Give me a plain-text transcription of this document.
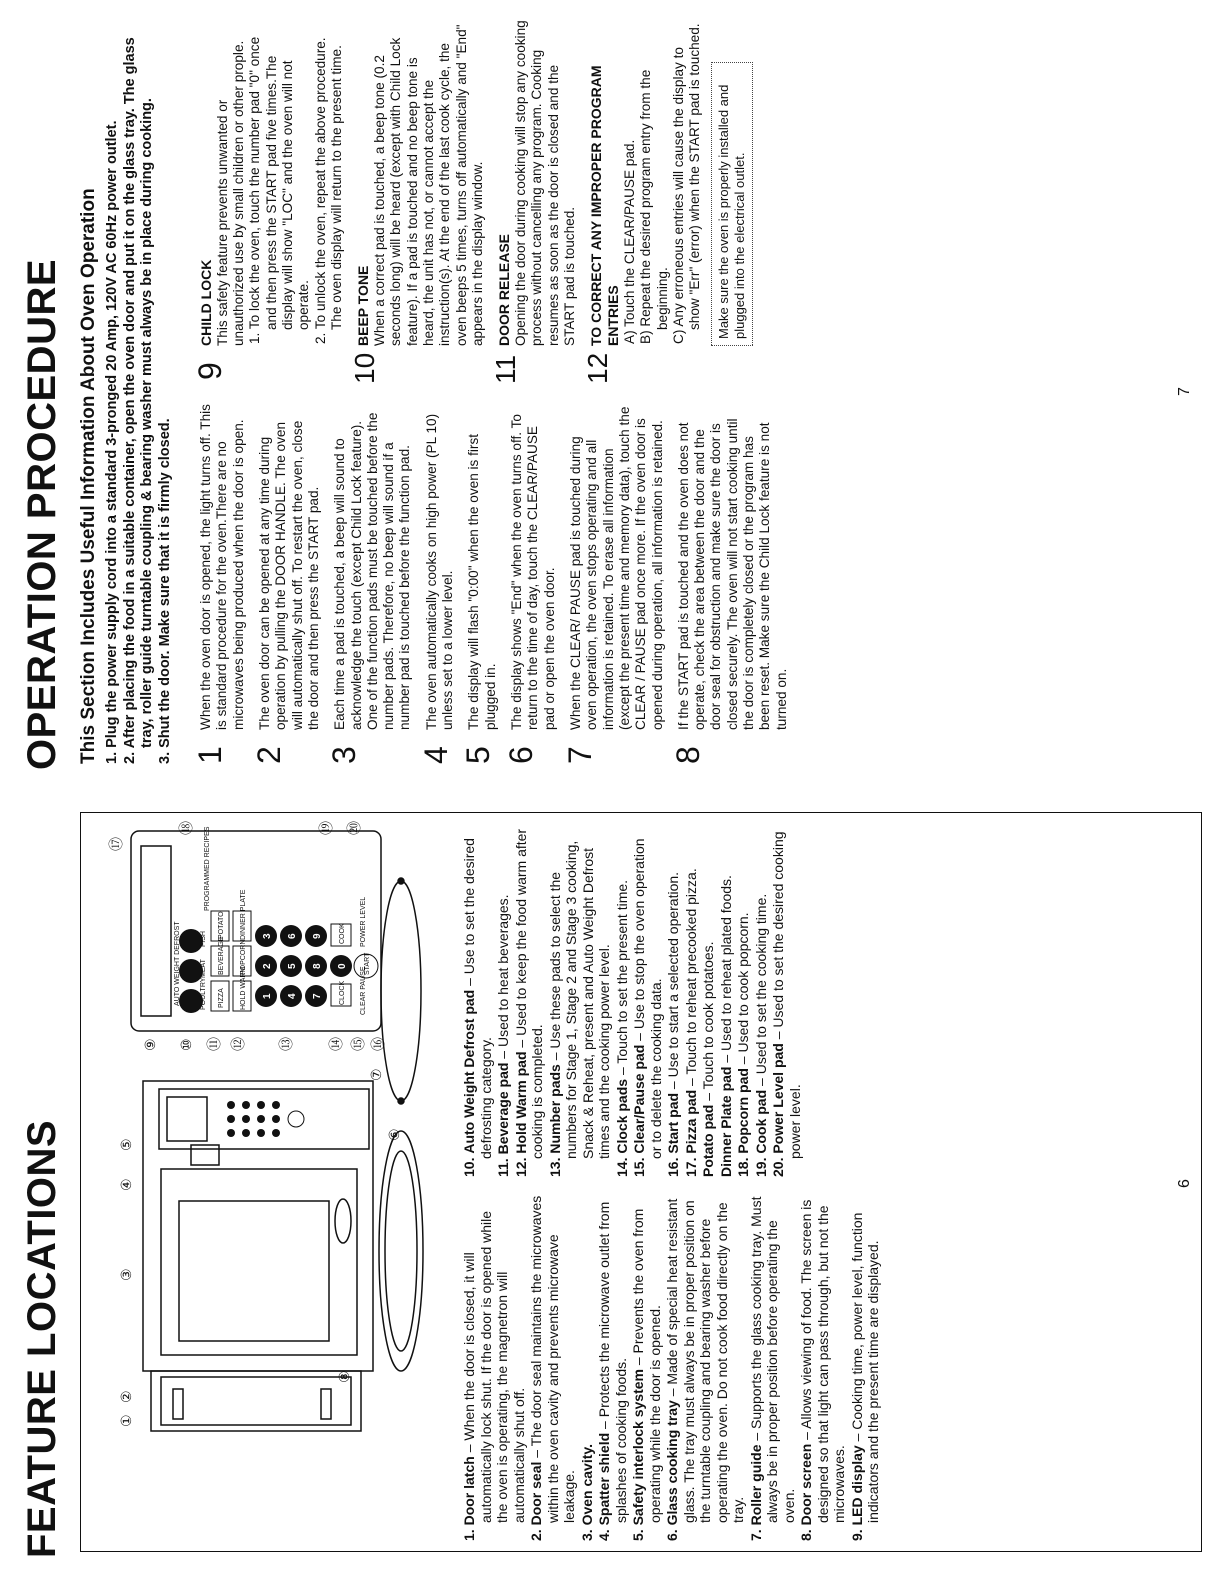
FEATURE LOCATIONS	①
②
③
④
⑤
⑥
⑦
⑧
⑨ ⑩ ⑪ ⑫ ⑬ ⑭ ⑮ ⑯
⑰
⑱	⑲ ⑳
AUTO WEIGHT DEFROST
PROGRAMMED RECIPES
POULTRY
MEAT
FISH
PIZZA
BEVERAGE
POTATO
HOLD WARM
POPCORN
DINNER PLATE
CLOCK
COOK
CLEAR PAUSE
POWER LEVEL
START
1
2
3
4
5
6
7
8
9
0
1. Door latch – When the door is closed, it will automatically lock shut. If the door is opened while the oven is operating, the magnetron will automatically shut off.
2. Door seal – The door seal maintains the microwaves within the oven cavity and prevents microwave leakage.
3. Oven cavity.
4. Spatter shield – Protects the microwave outlet from splashes of cooking foods.
5. Safety interlock system – Prevents the oven from operating while the door is opened.
6. Glass cooking tray – Made of special heat resistant glass. The tray must always be in proper position on the turntable coupling and bearing washer before operating the oven. Do not cook food directly on the tray.
7. Roller guide – Supports the glass cooking tray. Must always be in proper position before operating the oven.
8. Door screen – Allows viewing of food. The screen is designed so that light can pass through, but not the microwaves.
9. LED display – Cooking time, power level, function indicators and the present time are displayed.
10. Auto Weight Defrost pad – Use to set the desired defrosting category.
11. Beverage pad – Used to heat beverages.
12. Hold Warm pad – Used to keep the food warm after cooking is completed.
13. Number pads – Use these pads to select the numbers for Stage 1, Stage 2 and Stage 3 cooking, Snack & Reheat, present and Auto Weight Defrost times and the cooking power level.
14. Clock pads – Touch to set the present time.
15. Clear/Pause pad – Use to stop the oven operation or to delete the cooking data.
16. Start pad – Use to start a selected operation.
17. Pizza pad – Touch to reheat precooked pizza.
Potato pad – Touch to cook potatoes.
Dinner Plate pad – Used to reheat plated foods.
18. Popcorn pad – Used to cook popcorn.
19. Cook pad – Used to set the cooking time.
20. Power Level pad – Used to set the desired cooking power level.
6
OPERATION PROCEDURE This Section Includes Useful Information About Oven Operation 1. Plug the power supply cord into a standard 3-pronged 20 Amp, 120V AC 60Hz power outlet. 2. After placing the food in a suitable container, open the oven door and put it on the glass tray. The glass tray, roller guide turntable coupling & bearing washer must always be in place during cooking. 3. Shut the door. Make sure that it is firmly closed. 1
When the oven door is opened, the light turns off. This is standard procedure for the oven.There are no microwaves being produced when the door is open.
2
The oven door can be opened at any time during operation by pulling the DOOR HANDLE. The oven will automatically shut off. To restart the oven, close the door and then press the START pad.
3
Each time a pad is touched, a beep will sound to acknowledge the touch (except Child Lock feature). One of the function pads must be touched before the number pads. Therefore, no beep will sound if a number pad is touched before the function pad.
4
The oven automatically cooks on high power (PL 10) unless set to a lower level.
5
The display will flash "0:00" when the oven is first plugged in.
6
The display shows "End" when the oven turns off. To return to the time of day, touch the CLEAR/PAUSE pad or open the oven door.
7
When the CLEAR/ PAUSE pad is touched during oven operation, the oven stops operating and all information is retained. To erase all information (except the present time and memory data), touch the CLEAR / PAUSE pad once more. If the oven door is opened during operation, all information is retained.
8
If the START pad is touched and the oven does not operate, check the area between the door and the door seal for obstruction and make sure the door is closed securely. The oven will not start cooking until the door is completely closed or the program has been reset. Make sure the Child Lock feature is not turned on.
9
CHILD LOCK This safety feature prevents unwanted or unauthorized use by small children or other prople. 1. To lock the oven, touch the number pad "0" once and then press the START pad five times.The display will show "LOC" and the oven will not operate. 2. To unlock the oven, repeat the above procedure. The oven display will return to the present time.
10
BEEP TONE When a correct pad is touched, a beep tone (0.2 seconds long) will be heard (except with Child Lock feature). If a pad is touched and no beep tone is heard, the unit has not, or cannot accept the instruction(s). At the end of the last cook cycle, the oven beeps 5 times, turns off automatically and "End" appears in the display window.
11
DOOR RELEASE Opening the door during cooking will stop any cooking process without cancelling any program. Cooking resumes as soon as the door is closed and the START pad is touched.
12
TO CORRECT ANY IMPROPER PROGRAM ENTRIES A) Touch the CLEAR/PAUSE pad. B) Repeat the desired program entry from the beginning. C) Any erroneous entries will cause the display to show "Err" (error) when the START pad is touched.	Make sure the oven is properly installed and plugged into the electrical outlet.
7
